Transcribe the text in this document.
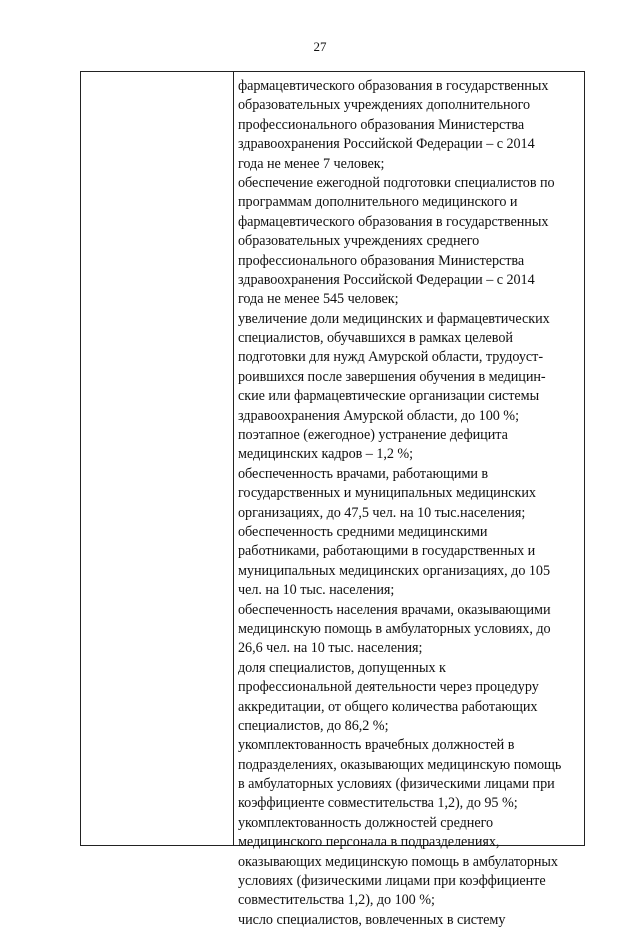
27
фармацевтического образования в государственных
образовательных учреждениях дополнительного
профессионального образования Министерства
здравоохранения Российской Федерации – с 2014
года не менее 7 человек;
обеспечение ежегодной подготовки специалистов по
программам дополнительного медицинского и
фармацевтического образования в государственных
образовательных учреждениях среднего
профессионального образования Министерства
здравоохранения Российской Федерации – с 2014
года не менее 545 человек;
увеличение доли медицинских и фармацевтических
специалистов, обучавшихся в рамках целевой
подготовки для нужд Амурской области, трудоуст-
роившихся после завершения обучения в медицин-
ские или фармацевтические организации системы
здравоохранения Амурской области, до 100 %;
поэтапное (ежегодное) устранение дефицита
медицинских кадров – 1,2 %;
обеспеченность врачами, работающими в
государственных и муниципальных медицинских
организациях, до 47,5 чел. на 10 тыс.населения;
обеспеченность средними медицинскими
работниками, работающими в государственных и
муниципальных медицинских организациях, до 105
чел. на 10 тыс. населения;
обеспеченность населения врачами, оказывающими
медицинскую помощь в амбулаторных условиях, до
26,6 чел. на 10 тыс. населения;
доля специалистов, допущенных к
профессиональной деятельности через процедуру
аккредитации, от общего количества работающих
специалистов, до 86,2 %;
укомплектованность врачебных должностей в
подразделениях, оказывающих медицинскую помощь
в амбулаторных условиях (физическими лицами при
коэффициенте совместительства 1,2), до 95 %;
укомплектованность должностей среднего
медицинского персонала в подразделениях,
оказывающих медицинскую помощь в амбулаторных
условиях (физическими лицами при коэффициенте
совместительства 1,2), до 100 %;
число специалистов, вовлеченных в систему
